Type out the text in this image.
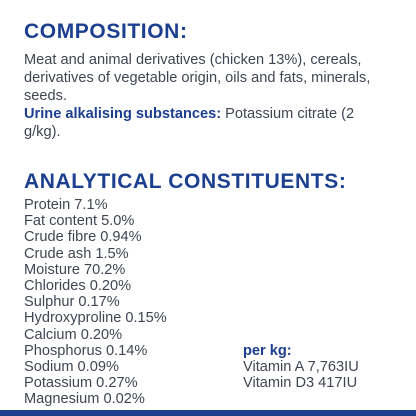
COMPOSITION:

Meat and animal derivatives (chicken 13%), cereals, derivatives of vegetable origin, oils and fats, minerals, seeds.

Urine alkalising substances: Potassium citrate (2 g/kg).

ANALYTICAL CONSTITUENTS:
Protein 7.1%
Fat content 5.0%
Crude fibre 0.94%
Crude ash 1.5%
Moisture 70.2%
Chlorides 0.20%
Sulphur 0.17%
Hydroxyproline 0.15%
Calcium 0.20%
Phosphorus 0.14%
Sodium 0.09%
Potassium 0.27%
Magnesium 0.02%
per kg:
Vitamin A 7,763IU
Vitamin D3 417IU
